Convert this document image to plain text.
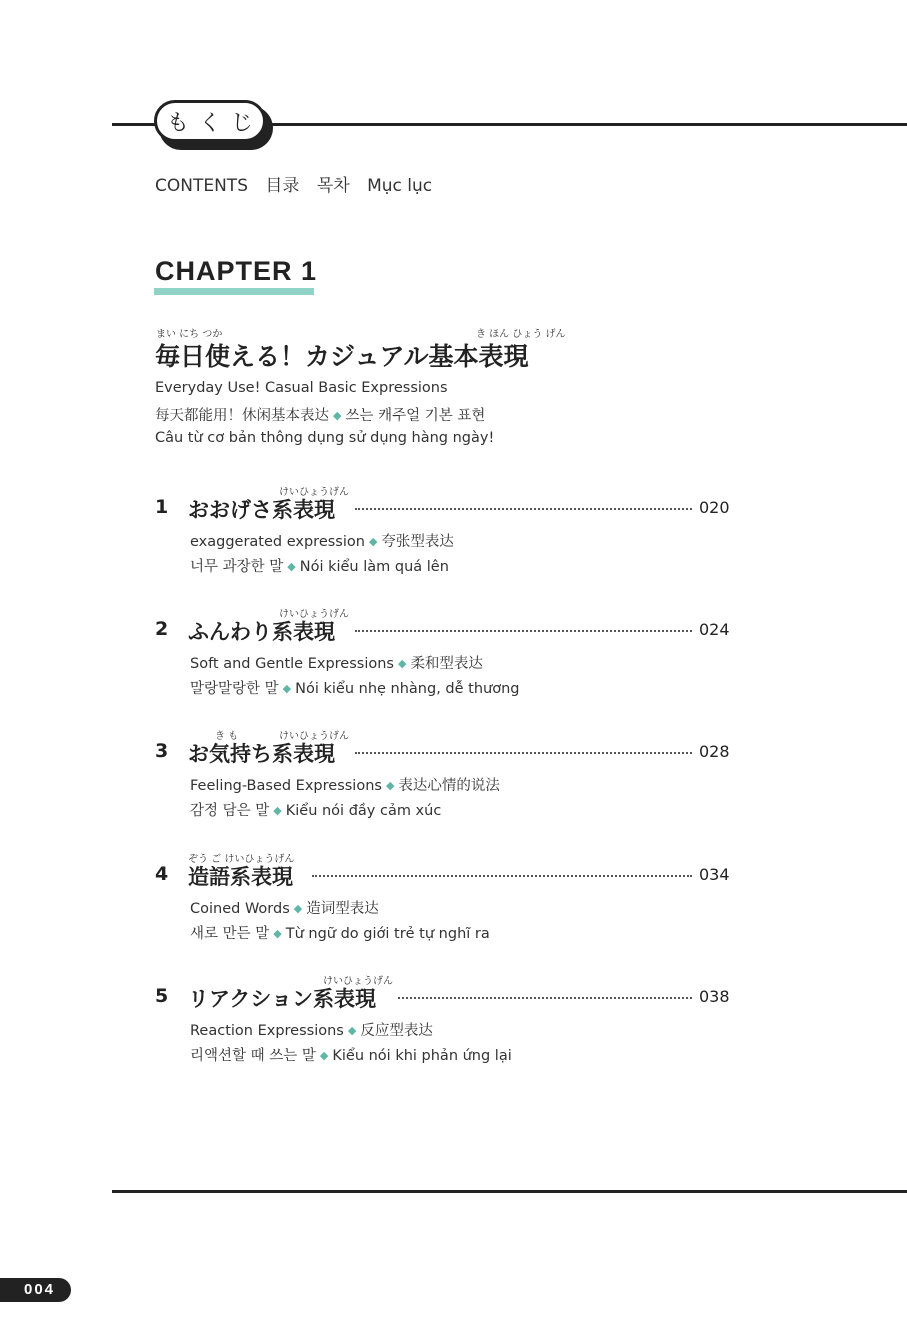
もくじ
CONTENTS 目录 목차 Mục lục
CHAPTER 1
まい にち つか	き ほん ひょう げん
毎日使える！カジュアル基本表現
Everyday Use! Casual Basic Expressions
每天都能用！休闲基本表达 ◆ 쓰는 캐주얼 기본 표현
Câu từ cơ bản thông dụng sử dụng hàng ngày!
けいひょうげん
1 おおげさ系表現	020
exaggerated expression ◆ 夸张型表达
너무 과장한 말 ◆ Nói kiểu làm quá lên
けいひょうげん
2 ふんわり系表現	024
Soft and Gentle Expressions ◆ 柔和型表达
말랑말랑한 말 ◆ Nói kiểu nhẹ nhàng, dễ thương
き も	けいひょうげん
3 お気持ち系表現	028
Feeling-Based Expressions ◆ 表达心情的说法
감정 담은 말 ◆ Kiểu nói đầy cảm xúc
ぞう ご けいひょうげん
4 造語系表現	034
Coined Words ◆ 造词型表达
새로 만든 말 ◆ Từ ngữ do giới trẻ tự nghĩ ra
けいひょうげん
5 リアクション系表現	038
Reaction Expressions ◆ 反应型表达
리액션할 때 쓰는 말 ◆ Kiểu nói khi phản ứng lại
004
